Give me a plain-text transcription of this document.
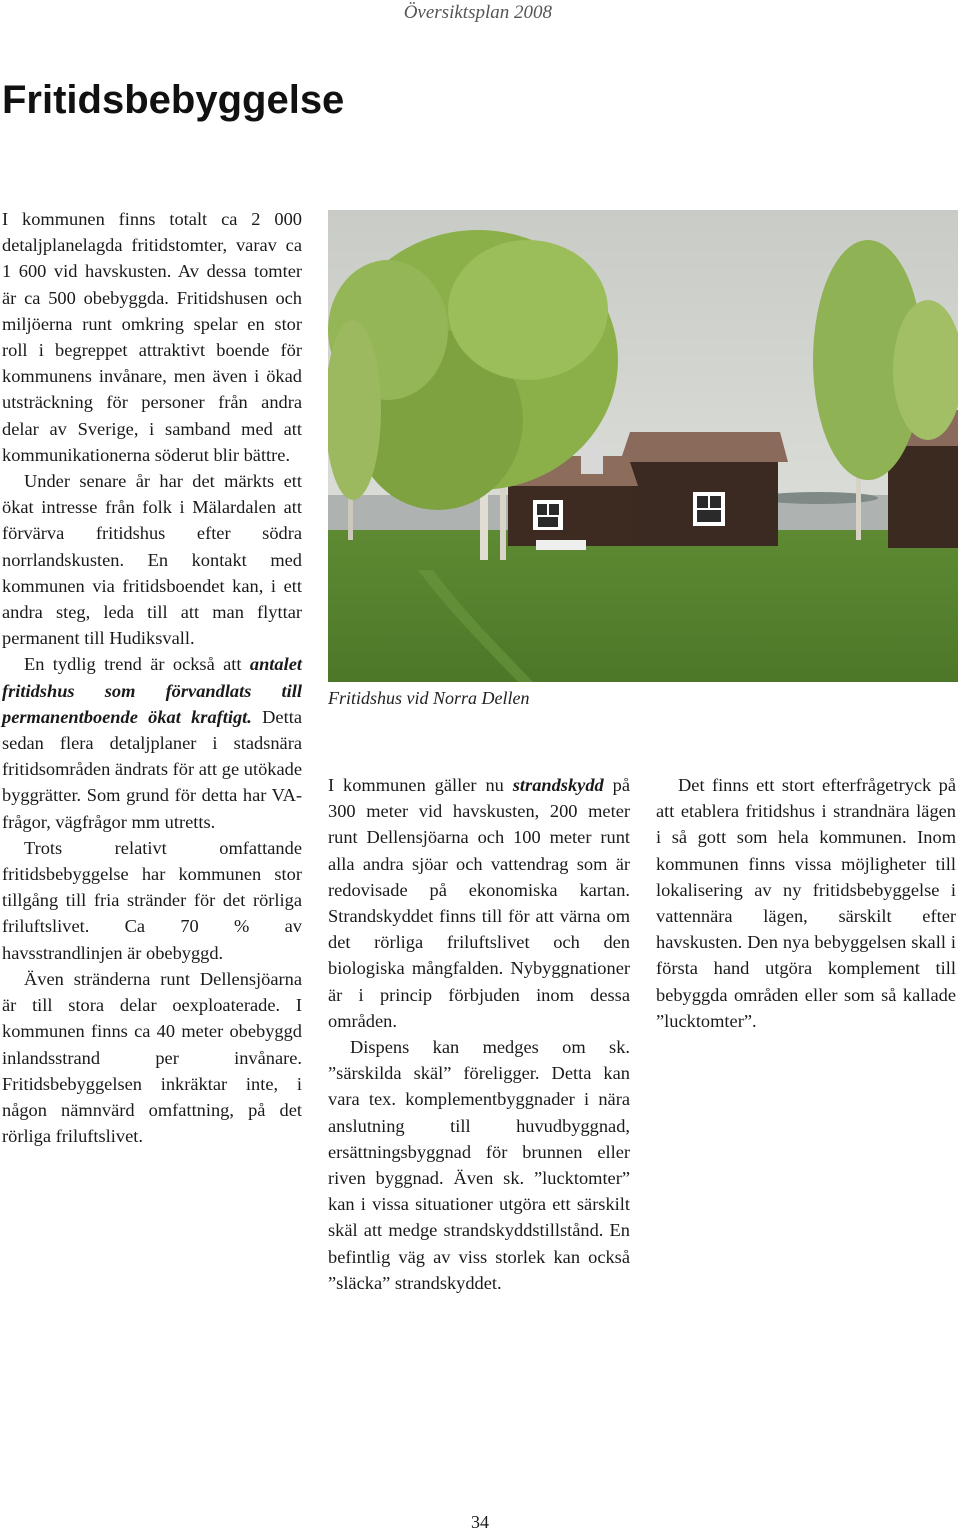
Översiktsplan 2008
Fritidsbebyggelse

I kommunen finns totalt ca 2 000 detaljplanelagda fritidstomter, varav ca 1 600 vid havskusten. Av dessa tomter är ca 500 obebyggda. Fritidshusen och miljöerna runt omkring spelar en stor roll i begreppet attraktivt boende för kommunens invånare, men även i ökad utsträckning för personer från andra delar av Sverige, i samband med att kommunikationerna söderut blir bättre.

Under senare år har det märkts ett ökat intresse från folk i Mälardalen att förvärva fritidshus efter södra norrlandskusten. En kontakt med kommunen via fritidsboendet kan, i ett andra steg, leda till att man flyttar permanent till Hudiksvall.

En tydlig trend är också att antalet fritidshus som förvandlats till permanentboende ökat kraftigt. Detta sedan flera detaljplaner i stadsnära fritidsområden ändrats för att ge utökade byggrätter. Som grund för detta har VA-frågor, vägfrågor mm utretts.

Trots relativt omfattande fritidsbebyggelse har kommunen stor tillgång till fria stränder för det rörliga friluftslivet. Ca 70 % av havsstrandlinjen är obebyggd.

Även stränderna runt Dellensjöarna är till stora delar oexploaterade. I kommunen finns ca 40 meter obebyggd inlandsstrand per invånare. Fritidsbebyggelsen inkräktar inte, i någon nämnvärd omfattning, på det rörliga friluftslivet.

Fritidshus vid Norra Dellen

I kommunen gäller nu strandskydd på 300 meter vid havskusten, 200 meter runt Dellensjöarna och 100 meter runt alla andra sjöar och vattendrag som är redovisade på ekonomiska kartan. Strandskyddet finns till för att värna om det rörliga friluftslivet och den biologiska mångfalden. Nybyggnationer är i princip förbjuden inom dessa områden.

Dispens kan medges om sk. ”särskilda skäl” föreligger. Detta kan vara tex. komplementbyggnader i nära anslutning till huvudbyggnad, ersättningsbyggnad för brunnen eller riven byggnad. Även sk. ”lucktomter” kan i vissa situationer utgöra ett särskilt skäl att medge strandskyddstillstånd. En befintlig väg av viss storlek kan också ”släcka” strandskyddet.

Det finns ett stort efterfrågetryck på att etablera fritidshus i strandnära lägen i så gott som hela kommunen. Inom kommunen finns vissa möjligheter till lokalisering av ny fritidsbebyggelse i vattennära lägen, särskilt efter havskusten. Den nya bebyggelsen skall i första hand utgöra komplement till bebyggda områden eller som så kallade ”lucktomter”.

34
